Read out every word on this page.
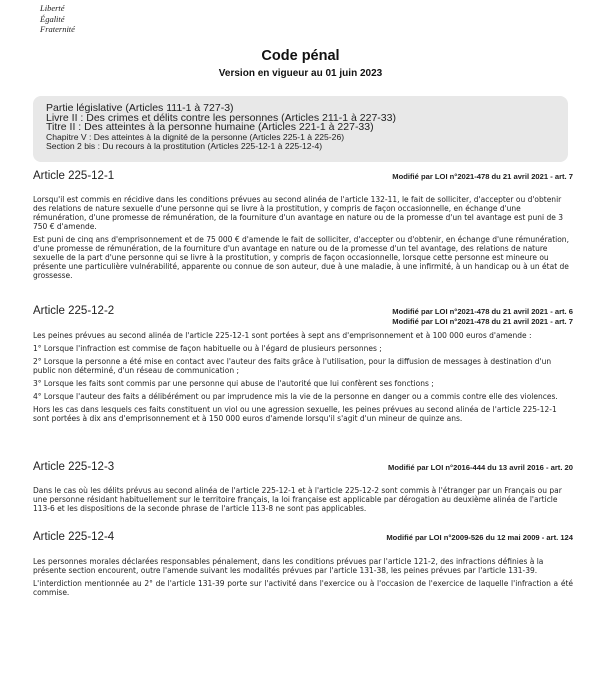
Liberté
Égalité
Fraternité
Code pénal
Version en vigueur au 01 juin 2023
Partie législative (Articles 111-1 à 727-3)
Livre II : Des crimes et délits contre les personnes (Articles 211-1 à 227-33)
Titre II : Des atteintes à la personne humaine (Articles 221-1 à 227-33)
Chapitre V : Des atteintes à la dignité de la personne (Articles 225-1 à 225-26)
Section 2 bis : Du recours à la prostitution (Articles 225-12-1 à 225-12-4)
Article 225-12-1	Modifié par LOI n°2021-478 du 21 avril 2021 - art. 7

Lorsqu'il est commis en récidive dans les conditions prévues au second alinéa de l'article 132-11, le fait de solliciter, d'accepter ou d'obtenir des relations de nature sexuelle d'une personne qui se livre à la prostitution, y compris de façon occasionnelle, en échange d'une rémunération, d'une promesse de rémunération, de la fourniture d'un avantage en nature ou de la promesse d'un tel avantage est puni de 3 750 € d'amende.

Est puni de cinq ans d'emprisonnement et de 75 000 € d'amende le fait de solliciter, d'accepter ou d'obtenir, en échange d'une rémunération, d'une promesse de rémunération, de la fourniture d'un avantage en nature ou de la promesse d'un tel avantage, des relations de nature sexuelle de la part d'une personne qui se livre à la prostitution, y compris de façon occasionnelle, lorsque cette personne est mineure ou présente une particulière vulnérabilité, apparente ou connue de son auteur, due à une maladie, à une infirmité, à un handicap ou à un état de grossesse.

Article 225-12-2	Modifié par LOI n°2021-478 du 21 avril 2021 - art. 6
Modifié par LOI n°2021-478 du 21 avril 2021 - art. 7

Les peines prévues au second alinéa de l'article 225-12-1 sont portées à sept ans d'emprisonnement et à 100 000 euros d'amende :

1° Lorsque l'infraction est commise de façon habituelle ou à l'égard de plusieurs personnes ;

2° Lorsque la personne a été mise en contact avec l'auteur des faits grâce à l'utilisation, pour la diffusion de messages à destination d'un public non déterminé, d'un réseau de communication ;

3° Lorsque les faits sont commis par une personne qui abuse de l'autorité que lui confèrent ses fonctions ;

4° Lorsque l'auteur des faits a délibérément ou par imprudence mis la vie de la personne en danger ou a commis contre elle des violences.

Hors les cas dans lesquels ces faits constituent un viol ou une agression sexuelle, les peines prévues au second alinéa de l'article 225-12-1 sont portées à dix ans d'emprisonnement et à 150 000 euros d'amende lorsqu'il s'agit d'un mineur de quinze ans.

Article 225-12-3	Modifié par LOI n°2016-444 du 13 avril 2016 - art. 20

Dans le cas où les délits prévus au second alinéa de l'article 225-12-1 et à l'article 225-12-2 sont commis à l'étranger par un Français ou par une personne résidant habituellement sur le territoire français, la loi française est applicable par dérogation au deuxième alinéa de l'article 113-6 et les dispositions de la seconde phrase de l'article 113-8 ne sont pas applicables.

Article 225-12-4	Modifié par LOI n°2009-526 du 12 mai 2009 - art. 124

Les personnes morales déclarées responsables pénalement, dans les conditions prévues par l'article 121-2, des infractions définies à la présente section encourent, outre l'amende suivant les modalités prévues par l'article 131-38, les peines prévues par l'article 131-39.

L'interdiction mentionnée au 2° de l'article 131-39 porte sur l'activité dans l'exercice ou à l'occasion de l'exercice de laquelle l'infraction a été commise.
